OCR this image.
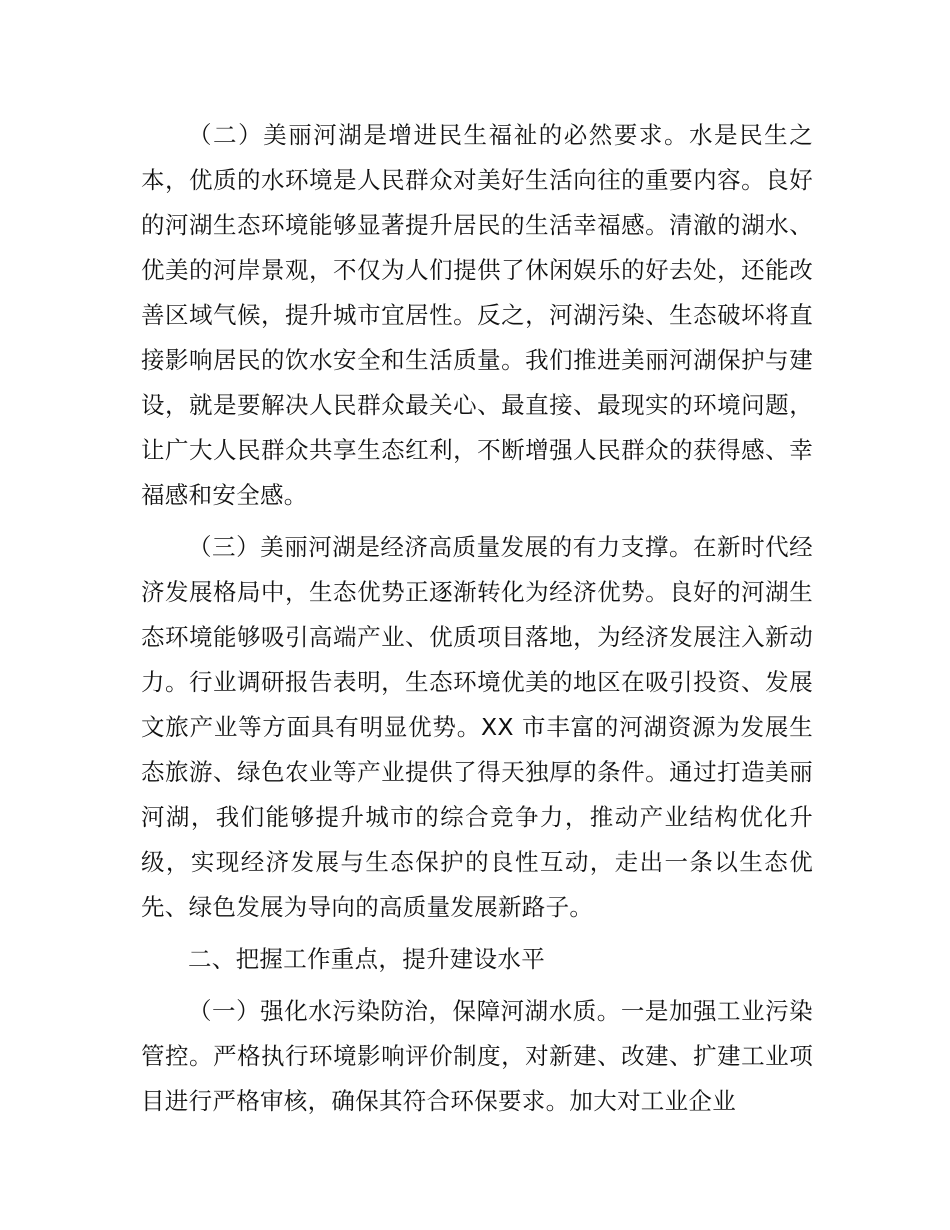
（二）美丽河湖是增进民生福祉的必然要求。水是民生之本，优质的水环境是人民群众对美好生活向往的重要内容。良好的河湖生态环境能够显著提升居民的生活幸福感。清澈的湖水、优美的河岸景观，不仅为人们提供了休闲娱乐的好去处，还能改善区域气候，提升城市宜居性。反之，河湖污染、生态破坏将直接影响居民的饮水安全和生活质量。我们推进美丽河湖保护与建设，就是要解决人民群众最关心、最直接、最现实的环境问题，让广大人民群众共享生态红利，不断增强人民群众的获得感、幸福感和安全感。

（三）美丽河湖是经济高质量发展的有力支撑。在新时代经济发展格局中，生态优势正逐渐转化为经济优势。良好的河湖生态环境能够吸引高端产业、优质项目落地，为经济发展注入新动力。行业调研报告表明，生态环境优美的地区在吸引投资、发展文旅产业等方面具有明显优势。XX 市丰富的河湖资源为发展生态旅游、绿色农业等产业提供了得天独厚的条件。通过打造美丽河湖，我们能够提升城市的综合竞争力，推动产业结构优化升级，实现经济发展与生态保护的良性互动，走出一条以生态优先、绿色发展为导向的高质量发展新路子。

二、把握工作重点，提升建设水平

（一）强化水污染防治，保障河湖水质。一是加强工业污染管控。严格执行环境影响评价制度，对新建、改建、扩建工业项目进行严格审核，确保其符合环保要求。加大对工业企业
